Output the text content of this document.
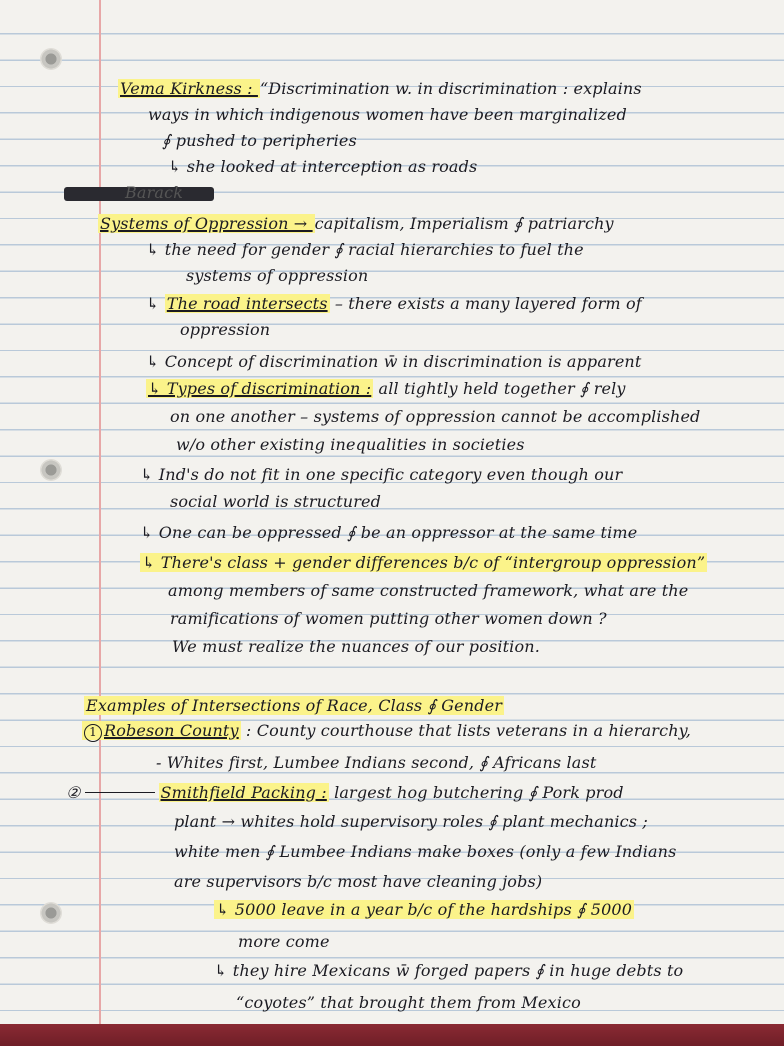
Vema Kirkness : “Discrimination w. in discrimination : explains
ways in which indigenous women have been marginalized
∮ pushed to peripheries
↳ she looked at interception as roads
Barack
Systems of Oppression → capitalism, Imperialism ∮ patriarchy
↳ the need for gender ∮ racial hierarchies to fuel the
systems of oppression
↳ The road intersects – there exists a many layered form of
oppression
↳ Concept of discrimination w̄ in discrimination is apparent
↳ Types of discrimination : all tightly held together ∮ rely
on one another – systems of oppression cannot be accomplished
w/o other existing inequalities in societies
↳ Ind's do not fit in one specific category even though our
social world is structured
↳ One can be oppressed ∮ be an oppressor at the same time
↳ There's class + gender differences b/c of “intergroup oppression”
among members of same constructed framework, what are the
ramifications of women putting other women down ?
We must realize the nuances of our position.
Examples of Intersections of Race, Class ∮ Gender
1 Robeson County : County courthouse that lists veterans in a hierarchy,
- Whites first, Lumbee Indians second, ∮ Africans last
②	Smithfield Packing : largest hog butchering ∮ Pork prod
plant → whites hold supervisory roles ∮ plant mechanics ;
white men ∮ Lumbee Indians make boxes (only a few Indians
are supervisors b/c most have cleaning jobs)
↳ 5000 leave in a year b/c of the hardships ∮ 5000
more come
↳ they hire Mexicans w̄ forged papers ∮ in huge debts to
“coyotes” that brought them from Mexico
